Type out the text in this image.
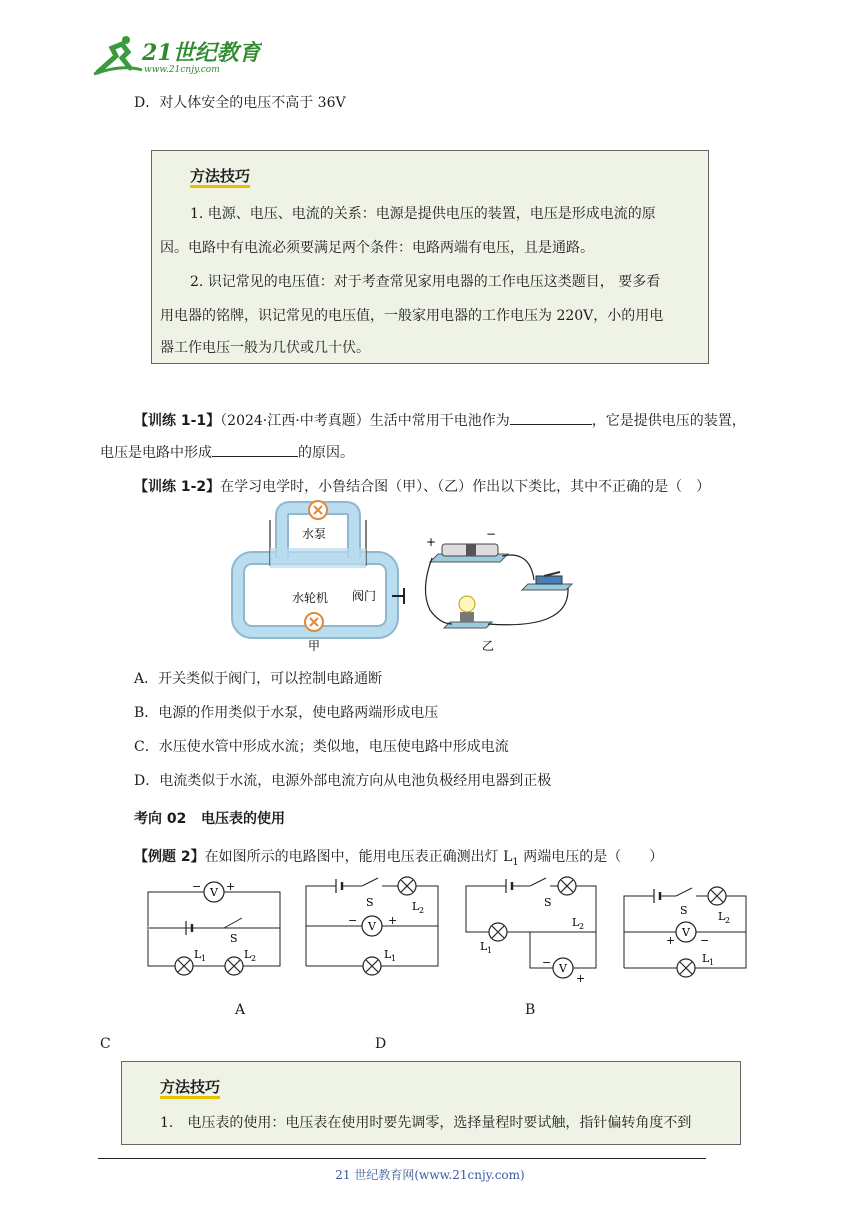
21世纪教育
www.21cnjy.com
D．对人体安全的电压不高于 36V
方法技巧

1. 电源、电压、电流的关系：电源是提供电压的装置，电压是形成电流的原

因。电路中有电流必须要满足两个条件：电路两端有电压，且是通路。

2. 识记常见的电压值：对于考查常见家用电器的工作电压这类题目， 要多看

用电器的铭牌，识记常见的电压值，一般家用电器的工作电压为 220V，小的用电

器工作电压一般为几伏或几十伏。

【训练 1-1】（2024·江西·中考真题）生活中常用干电池作为	，它是提供电压的装置，
电压是电路中形成	的原因。
【训练 1-2】在学习电学时，小鲁结合图（甲）、（乙）作出以下类比，其中不正确的是（　）
水泵
水轮机 阀门
甲
+
−
乙
A．开关类似于阀门，可以控制电路通断
B．电源的作用类似于水泵，使电路两端形成电压
C．水压使水管中形成水流；类似地，电压使电路中形成电流
D．电流类似于水流，电源外部电流方向从电池负极经用电器到正极
考向 02 电压表的使用
【例题 2】在如图所示的电路图中，能用电压表正确测出灯 $L_1$ 两端电压的是（　　）
V
− +
S
L 1	L 2
V
−	+
S	L 2
L 1
V
−
+
S
L 2
L 1
V
+ −
S	L 2
L 1
A	B
C	D
方法技巧

1.　电压表的使用：电压表在使用时要先调零，选择量程时要试触，指针偏转角度不到

21 世纪教育网(www.21cnjy.com)
